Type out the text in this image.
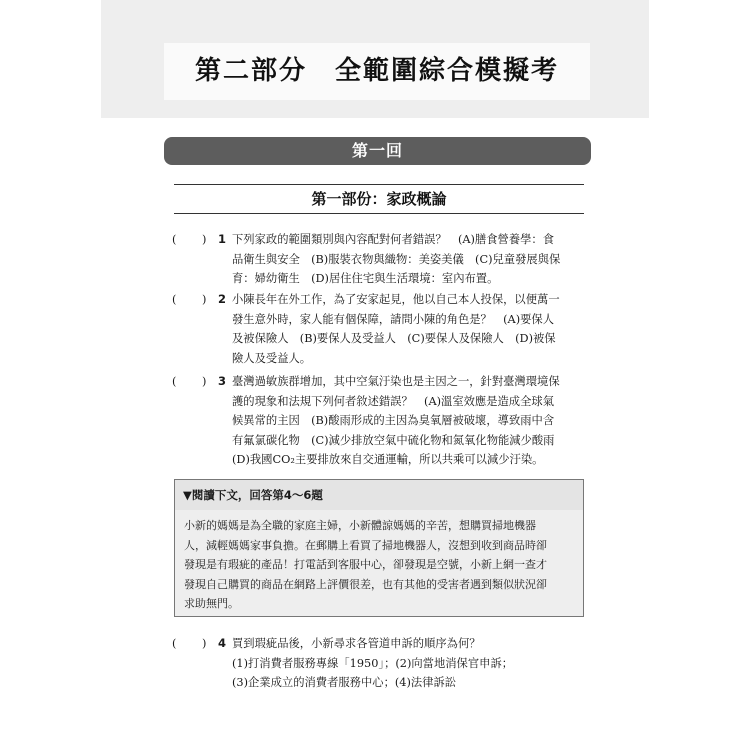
第二部分　全範圍綜合模擬考
第一回
第一部份：家政概論
( ) 1 下列家政的範圍類別與內容配對何者錯誤？　(A)膳食營養學：食
品衛生與安全　(B)服裝衣物與織物：美姿美儀　(C)兒童發展與保
育：婦幼衛生　(D)居住住宅與生活環境：室內布置。
( ) 2 小陳長年在外工作，為了安家起見，他以自己本人投保，以便萬一
發生意外時，家人能有個保障，請問小陳的角色是？　(A)要保人
及被保險人　(B)要保人及受益人　(C)要保人及保險人　(D)被保
險人及受益人。
( ) 3 臺灣過敏族群增加，其中空氣汙染也是主因之一，針對臺灣環境保
護的現象和法規下列何者敘述錯誤？　(A)溫室效應是造成全球氣
候異常的主因　(B)酸雨形成的主因為臭氧層被破壞，導致雨中含
有氟氯碳化物　(C)減少排放空氣中硫化物和氮氧化物能減少酸雨
(D)我國CO₂主要排放來自交通運輸，所以共乘可以減少汙染。
▼閱讀下文，回答第4～6題
小新的媽媽是為全職的家庭主婦，小新體諒媽媽的辛苦，想購買掃地機器
人，減輕媽媽家事負擔。在郵購上看買了掃地機器人，沒想到收到商品時卻
發現是有瑕疵的產品！打電話到客服中心，卻發現是空號，小新上網一查才
發現自己購買的商品在網路上評價很差，也有其他的受害者遇到類似狀況卻
求助無門。
( ) 4 買到瑕疵品後，小新尋求各管道申訴的順序為何？
(1)打消費者服務專線「1950」；(2)向當地消保官申訴；
(3)企業成立的消費者服務中心；(4)法律訴訟
